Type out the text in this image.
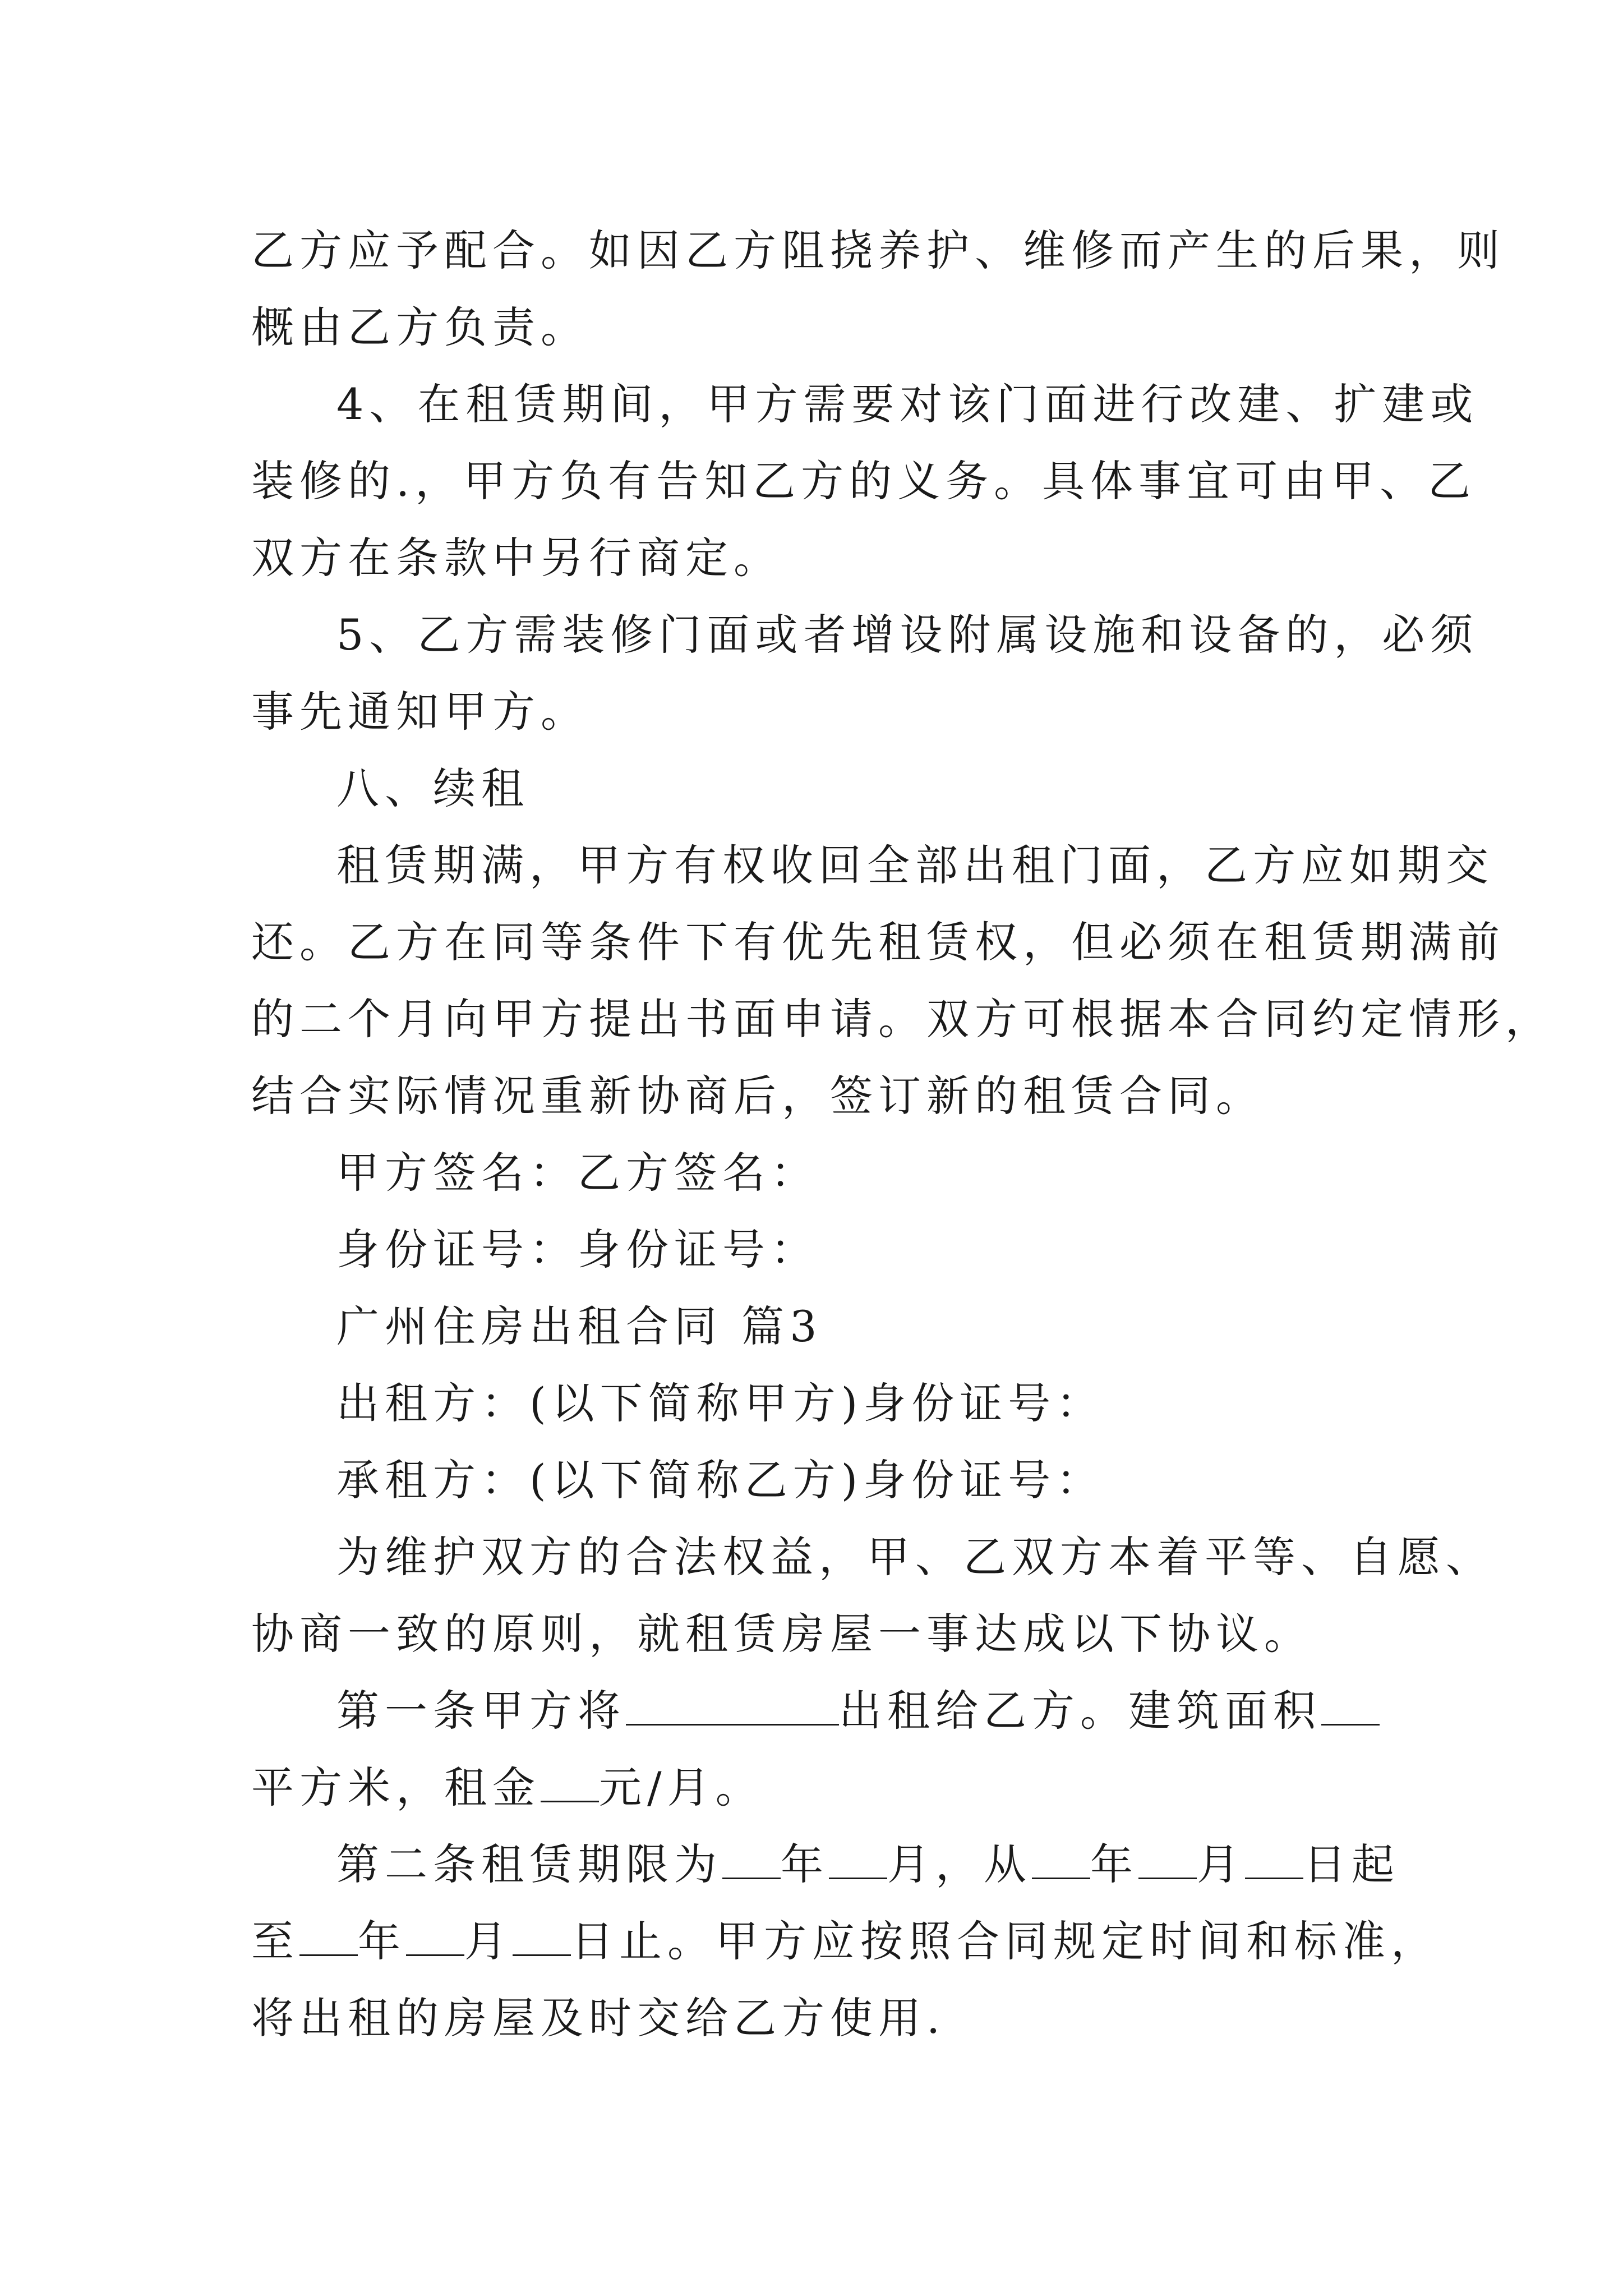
乙方应予配合。如因乙方阻挠养护、维修而产生的后果，则
概由乙方负责。
4、在租赁期间，甲方需要对该门面进行改建、扩建或
装修的.，甲方负有告知乙方的义务。具体事宜可由甲、乙
双方在条款中另行商定。
5、乙方需装修门面或者增设附属设施和设备的，必须
事先通知甲方。
八、续租
租赁期满，甲方有权收回全部出租门面，乙方应如期交
还。乙方在同等条件下有优先租赁权，但必须在租赁期满前
的二个月向甲方提出书面申请。双方可根据本合同约定情形，
结合实际情况重新协商后，签订新的租赁合同。
甲方签名：乙方签名：
身份证号：身份证号：
广州住房出租合同 篇3
出租方：(以下简称甲方)身份证号：
承租方：(以下简称乙方)身份证号：
为维护双方的合法权益，甲、乙双方本着平等、自愿、
协商一致的原则，就租赁房屋一事达成以下协议。
第一条甲方将	出租给乙方。建筑面积
平方米，租金 元/月。
第二条租赁期限为 年 月，从 年 月 日起
至 年 月 日止。甲方应按照合同规定时间和标准，
将出租的房屋及时交给乙方使用.
